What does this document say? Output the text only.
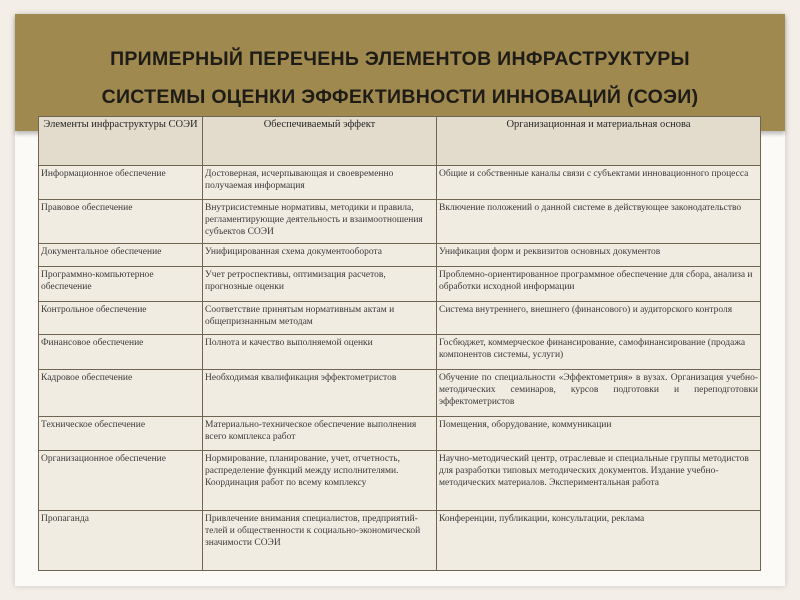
ПРИМЕРНЫЙ ПЕРЕЧЕНЬ ЭЛЕМЕНТОВ ИНФРАСТРУКТУРЫ
СИСТЕМЫ ОЦЕНКИ ЭФФЕКТИВНОСТИ ИННОВАЦИЙ (СОЭИ)
Элементы инфраструктуры СОЭИ	Обеспечиваемый эффект	Организационная и материальная основа
Информационное обеспечение	Достоверная, исчерпывающая и своевременно получаемая информация	Общие и собственные каналы связи с субъектами инновационного процесса
Правовое обеспечение	Внутрисистемные нормативы, методики и правила, регламентирующие деятельность и взаимоотношения субъектов СОЭИ	Включение положений о данной системе в действующее законодательство
Документальное обеспечение	Унифицированная схема документооборота	Унификация форм и реквизитов основных документов
Программно-компьютерное обеспечение	Учет ретроспективы, оптимизация расчетов, прогнозные оценки	Проблемно-ориентированное программное обеспечение для сбора, анализа и обработки исходной информации
Контрольное обеспечение	Соответствие принятым нормативным актам и общепризнанным методам	Система внутреннего, внешнего (финансового) и аудиторского контроля
Финансовое обеспечение	Полнота и качество выполняемой оценки	Госбюджет, коммерческое финансирование, самофинансирование (продажа компонентов системы, услуги)
Кадровое обеспечение	Необходимая квалификация эффектометристов	Обучение по специальности «Эффектометрия» в вузах. Организация учебно-методических семинаров, курсов подготовки и переподготовки эффектометристов
Техническое обеспечение	Материально-техническое обеспечение выполнения всего комплекса работ	Помещения, оборудование, коммуникации
Организационное обеспечение	Нормирование, планирование, учет, отчетность, распределение функций между исполнителями. Координация работ по всему комплексу	Научно-методический центр, отраслевые и специальные группы методистов для разработки типовых методических документов. Издание учебно-методических материалов. Экспериментальная работа
Пропаганда	Привлечение внимания специалистов, предприятий-телей и общественности к социально-экономической значимости СОЭИ	Конференции, публикации, консультации, реклама
